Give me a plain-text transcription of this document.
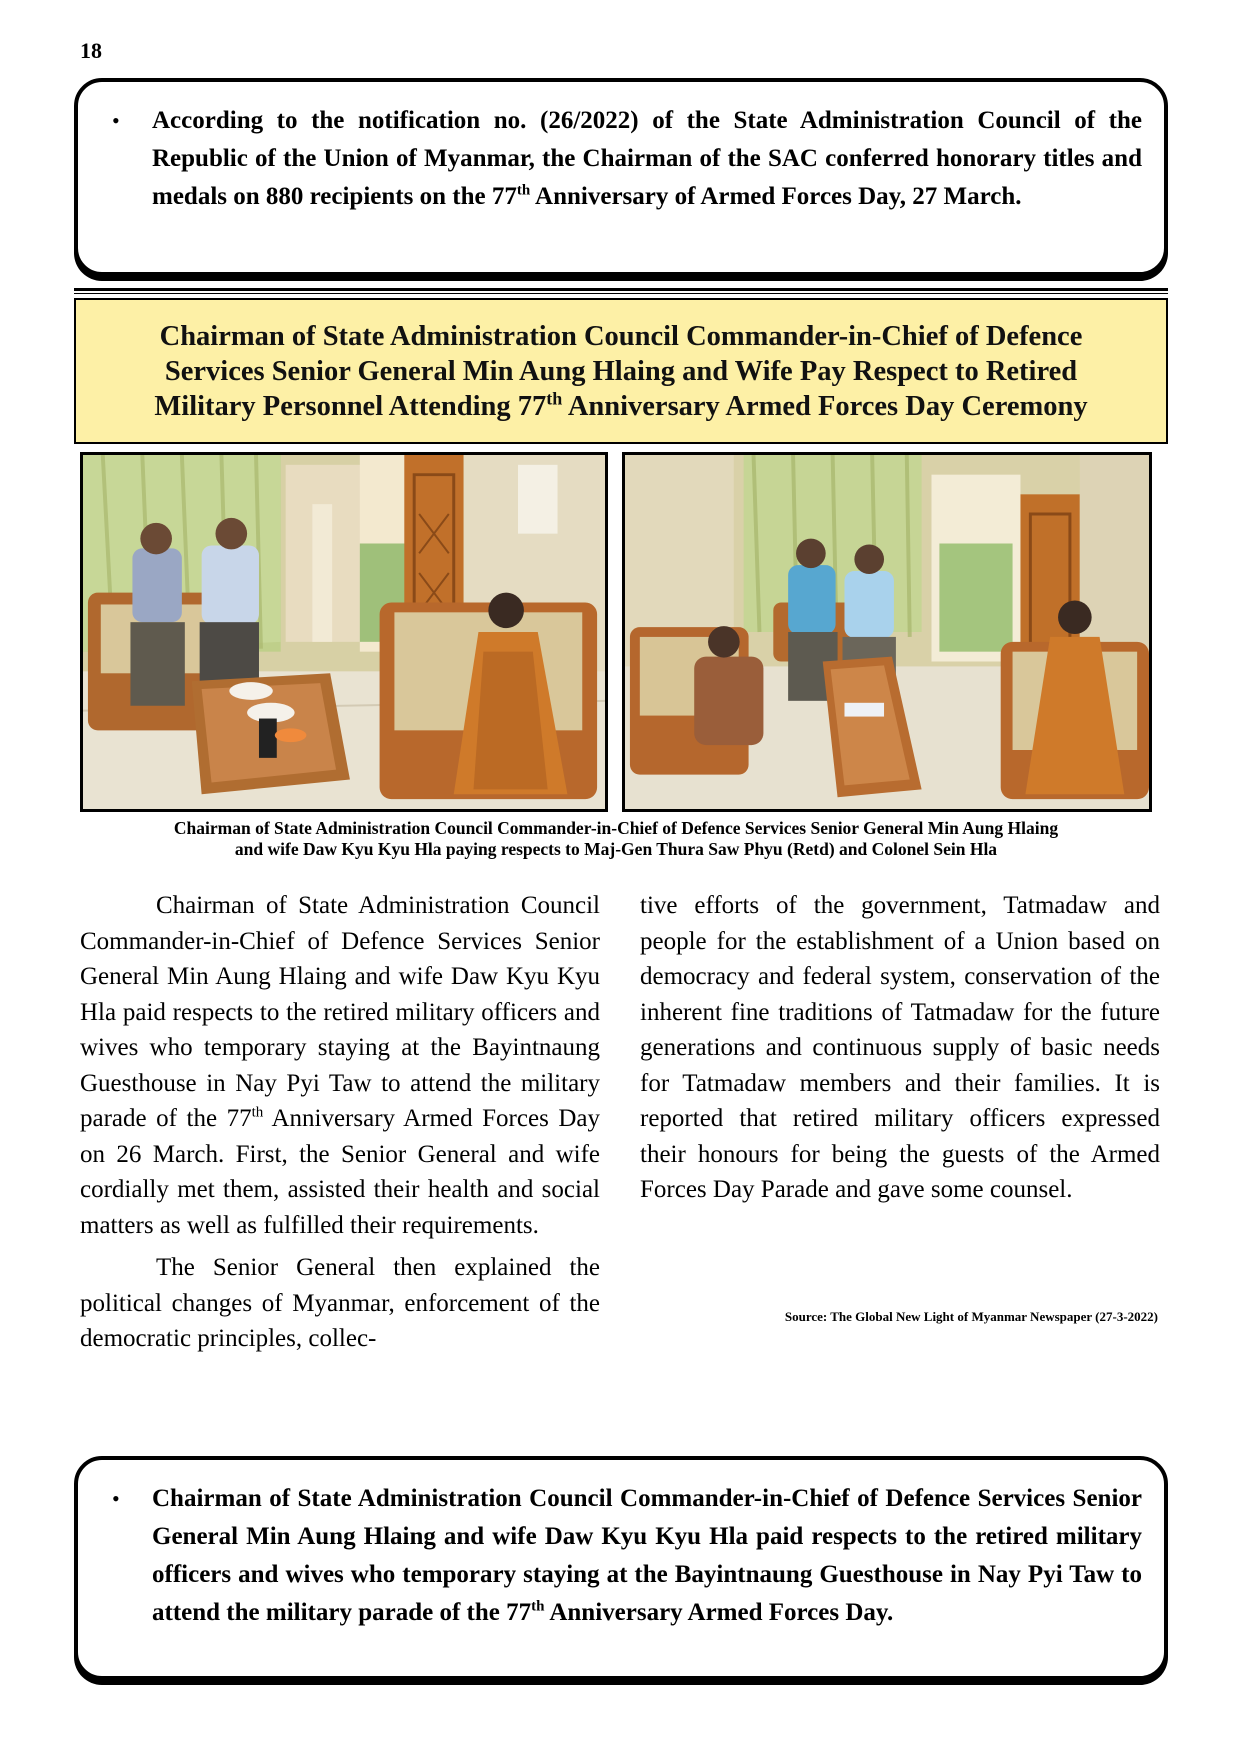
18
•	According to the notification no. (26/2022) of the State Administration Council of the Republic of the Union of Myanmar, the Chairman of the SAC conferred honorary titles and medals on 880 recipients on the 77th Anniversary of Armed Forces Day, 27 March.
Chairman of State Administration Council Commander-in-Chief of Defence
Services Senior General Min Aung Hlaing and Wife Pay Respect to Retired
Military Personnel Attending 77th Anniversary Armed Forces Day Ceremony
Chairman of State Administration Council Commander-in-Chief of Defence Services Senior General Min Aung Hlaing
and wife Daw Kyu Kyu Hla paying respects to Maj-Gen Thura Saw Phyu (Retd) and Colonel Sein Hla

Chairman of State Administration Council Commander-in-Chief of Defence Services Senior General Min Aung Hlaing and wife Daw Kyu Kyu Hla paid respects to the retired military officers and wives who temporary staying at the Bayintnaung Guesthouse in Nay Pyi Taw to attend the military parade of the 77th Anniversary Armed Forces Day on 26 March. First, the Senior General and wife cordially met them, assisted their health and social matters as well as fulfilled their requirements.

The Senior General then explained the political changes of Myanmar, enforcement of the democratic principles, collec-

tive efforts of the government, Tatmadaw and people for the establishment of a Union based on democracy and federal system, conservation of the inherent fine traditions of Tatmadaw for the future generations and continuous supply of basic needs for Tatmadaw members and their families. It is reported that retired military officers expressed their honours for being the guests of the Armed Forces Day Parade and gave some counsel.

Source: The Global New Light of Myanmar Newspaper (27-3-2022)
•	Chairman of State Administration Council Commander-in-Chief of Defence Services Senior General Min Aung Hlaing and wife Daw Kyu Kyu Hla paid respects to the retired military officers and wives who temporary staying at the Bayintnaung Guesthouse in Nay Pyi Taw to attend the military parade of the 77th Anniversary Armed Forces Day.
